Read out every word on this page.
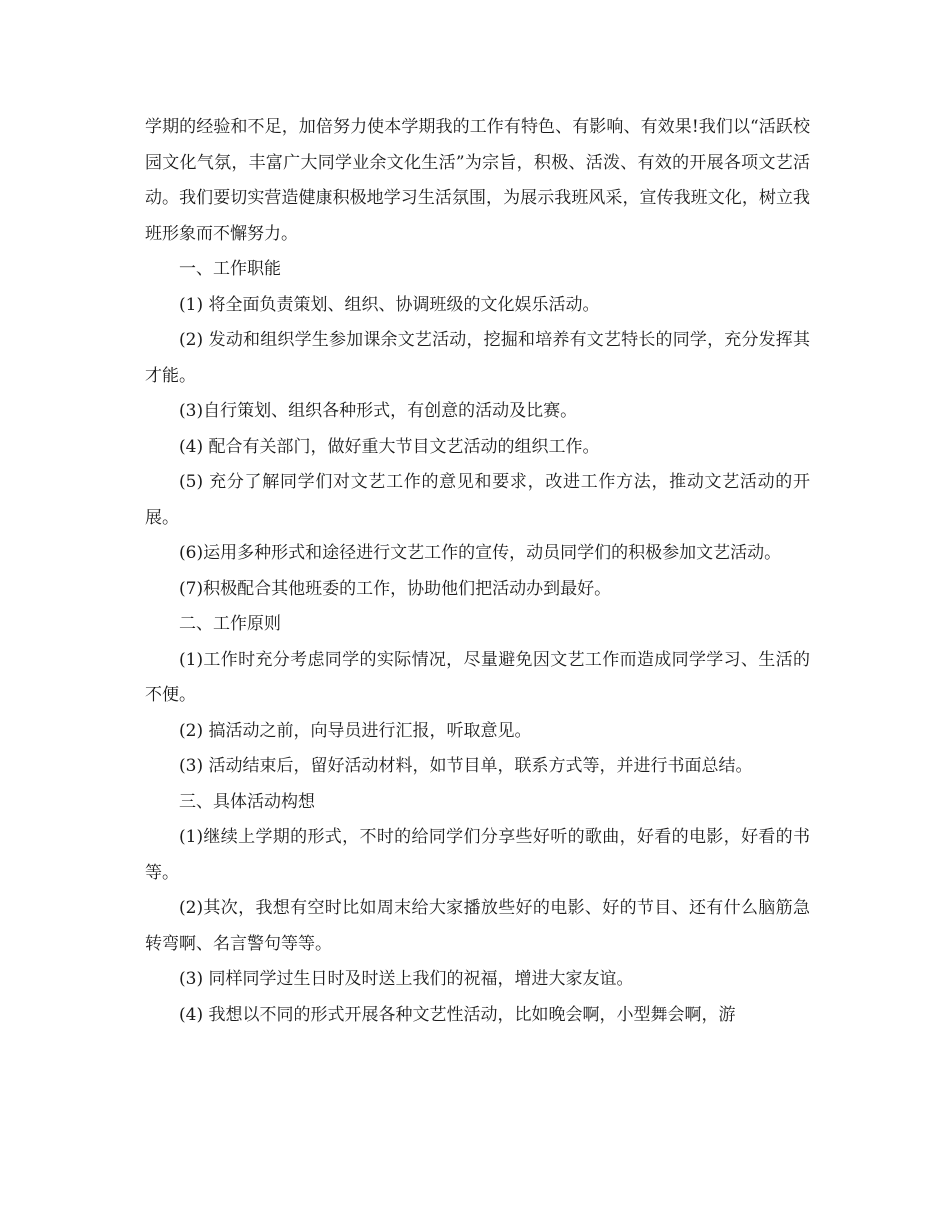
学期的经验和不足，加倍努力使本学期我的工作有特色、有影响、有效果!我们以“活跃校园文化气氛，丰富广大同学业余文化生活”为宗旨，积极、活泼、有效的开展各项文艺活动。我们要切实营造健康积极地学习生活氛围，为展示我班风采，宣传我班文化，树立我班形象而不懈努力。

一、工作职能

(1) 将全面负责策划、组织、协调班级的文化娱乐活动。

(2) 发动和组织学生参加课余文艺活动，挖掘和培养有文艺特长的同学，充分发挥其才能。

(3)自行策划、组织各种形式，有创意的活动及比赛。

(4) 配合有关部门，做好重大节目文艺活动的组织工作。

(5) 充分了解同学们对文艺工作的意见和要求，改进工作方法，推动文艺活动的开展。

(6)运用多种形式和途径进行文艺工作的宣传，动员同学们的积极参加文艺活动。

(7)积极配合其他班委的工作，协助他们把活动办到最好。

二、工作原则

(1)工作时充分考虑同学的实际情况，尽量避免因文艺工作而造成同学学习、生活的不便。

(2) 搞活动之前，向导员进行汇报，听取意见。

(3) 活动结束后，留好活动材料，如节目单，联系方式等，并进行书面总结。

三、具体活动构想

(1)继续上学期的形式，不时的给同学们分享些好听的歌曲，好看的电影，好看的书等。

(2)其次，我想有空时比如周末给大家播放些好的电影、好的节目、还有什么脑筋急转弯啊、名言警句等等。

(3) 同样同学过生日时及时送上我们的祝福，增进大家友谊。

(4) 我想以不同的形式开展各种文艺性活动，比如晚会啊，小型舞会啊，游
